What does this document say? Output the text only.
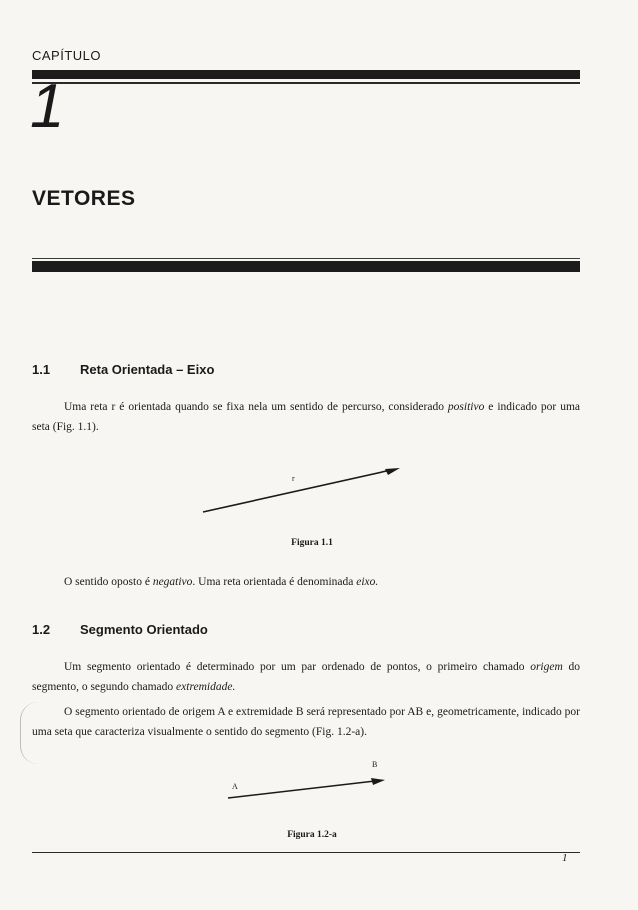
CAPÍTULO
1
VETORES
1.1 Reta Orientada – Eixo
Uma reta r é orientada quando se fixa nela um sentido de percurso, considerado positivo e indicado por uma seta (Fig. 1.1).
r
Figura 1.1
O sentido oposto é negativo. Uma reta orientada é denominada eixo.
1.2 Segmento Orientado
Um segmento orientado é determinado por um par ordenado de pontos, o primeiro chamado origem do segmento, o segundo chamado extremidade.
O segmento orientado de origem A e extremidade B será representado por AB e, geometricamente, indicado por uma seta que caracteriza visualmente o sentido do segmento (Fig. 1.2-a).
A
B
Figura 1.2-a
1
